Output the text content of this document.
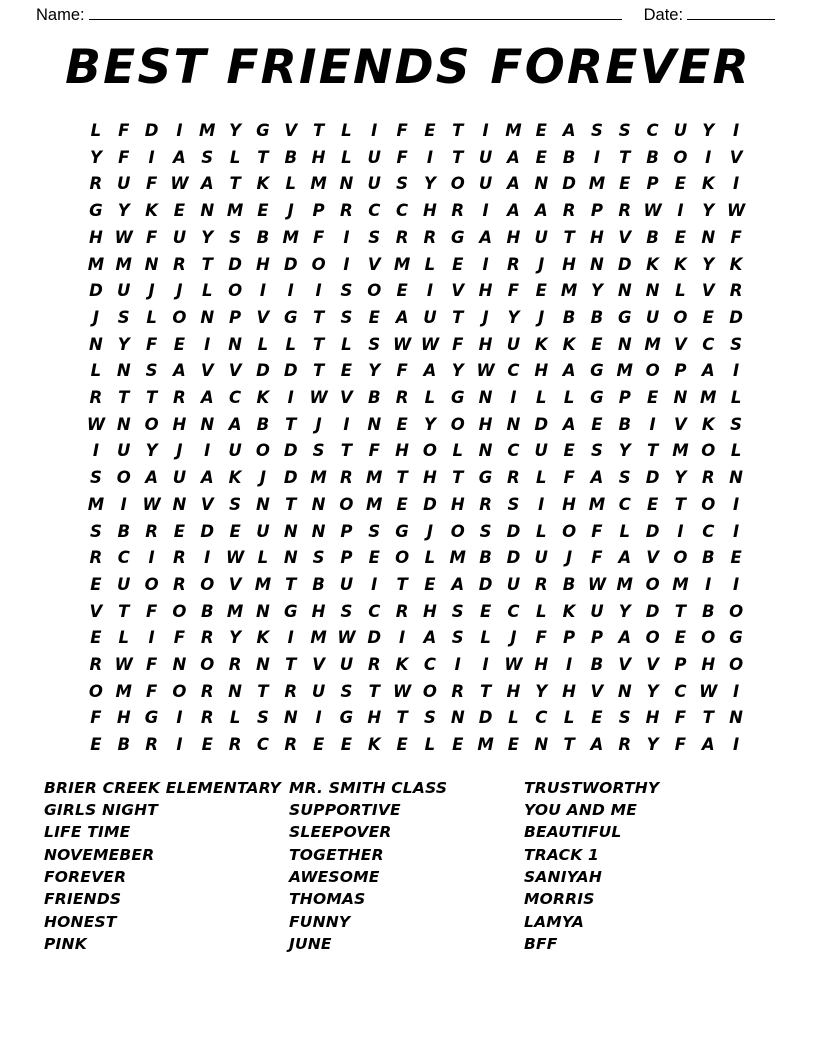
Name:	Date:
BEST FRIENDS FOREVER
L	F D	I	M Y G V T	L	I	F	E	T	I	M E A S S C U Y	I
Y F	I	A S	L	T B H L U F	I	T U A E B	I	T B O	I	V
R U F W A T K L M N U S Y O U A N D M E P E K	I
G Y K E N M E	J	P R C C H R	I	A A R P R W I	Y W
H W F U Y S B M F	I	S R R G A H U T H V B E N F
M M N R T D H D O	I	V M L	E	I	R	J	H N D K K Y K
D U	J	J	L O	I	I	I	S O E	I	V H F	E M Y N N L V R
J	S	L O N P V G T S E A U T	J	Y	J	B B G U O E D
N Y F	E	I	N L	L	T	L	S W W F H U K K E N M V C S
L N S A V V D D T	E Y F A Y W C H A G M O P A	I
R T	T R A C K	I W V B R L G N	I	L	L G P E N M L
W N O H N A B T	J	I	N E Y O H N D A E B	I	V K S
I	U Y	J	I	U O D S T	F H O L N C U E S Y T M O L
S O A U A K	J	D M R M T H T G R L	F A S D Y R N
M	I W N V S N T N O M E D H R S	I	H M C E	T O	I
S B R E D E U N N P S G	J	O S D L O F	L D	I	C	I
R C	I	R	I W L N S P E O L M B D U	J	F A V O B E
E U O R O V M T B U	I	T	E A D U R B W M O M	I	I
V T	F O B M N G H S C R H S E C	L K U Y D T B O
E	L	I	F R Y K	I	M W D	I	A S	L	J	F P P A O E O G
R W F N O R N T V U R K C	I	I W H	I	B V V P H O
O M F O R N T R U S T W O R T H Y H V N Y C W I
F H G	I	R L	S N	I	G H T S N D L	C	L	E S H F	T N
E B R	I	E R C R E	E K E	L	E M E N T A R Y F A	I
BRIER CREEK ELEMENTARY
GIRLS NIGHT
LIFE TIME
NOVEMEBER
FOREVER
FRIENDS
HONEST
PINK
MR. SMITH CLASS
SUPPORTIVE
SLEEPOVER
TOGETHER
AWESOME
THOMAS
FUNNY
JUNE
TRUSTWORTHY
YOU AND ME
BEAUTIFUL
TRACK 1
SANIYAH
MORRIS
LAMYA
BFF
